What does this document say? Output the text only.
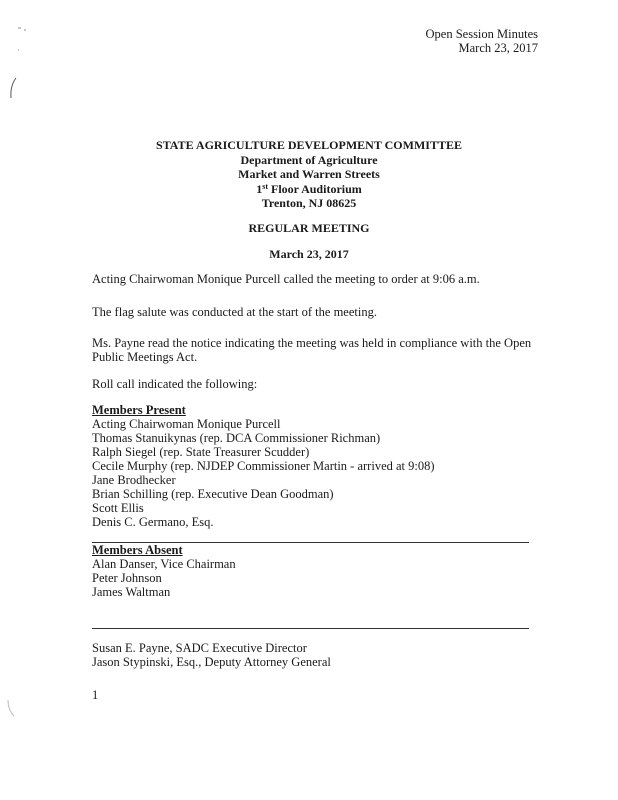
Open Session Minutes
March 23, 2017
STATE AGRICULTURE DEVELOPMENT COMMITTEE
Department of Agriculture
Market and Warren Streets
1st Floor Auditorium
Trenton, NJ 08625
REGULAR MEETING
March 23, 2017
Acting Chairwoman Monique Purcell called the meeting to order at 9:06 a.m.
The flag salute was conducted at the start of the meeting.
Ms. Payne read the notice indicating the meeting was held in compliance with the Open Public Meetings Act.
Roll call indicated the following:
Members Present
Acting Chairwoman Monique Purcell
Thomas Stanuikynas (rep. DCA Commissioner Richman)
Ralph Siegel (rep. State Treasurer Scudder)
Cecile Murphy (rep. NJDEP Commissioner Martin - arrived at 9:08)
Jane Brodhecker
Brian Schilling (rep. Executive Dean Goodman)
Scott Ellis
Denis C. Germano, Esq.
Members Absent
Alan Danser, Vice Chairman
Peter Johnson
James Waltman
Susan E. Payne, SADC Executive Director
Jason Stypinski, Esq., Deputy Attorney General
1
